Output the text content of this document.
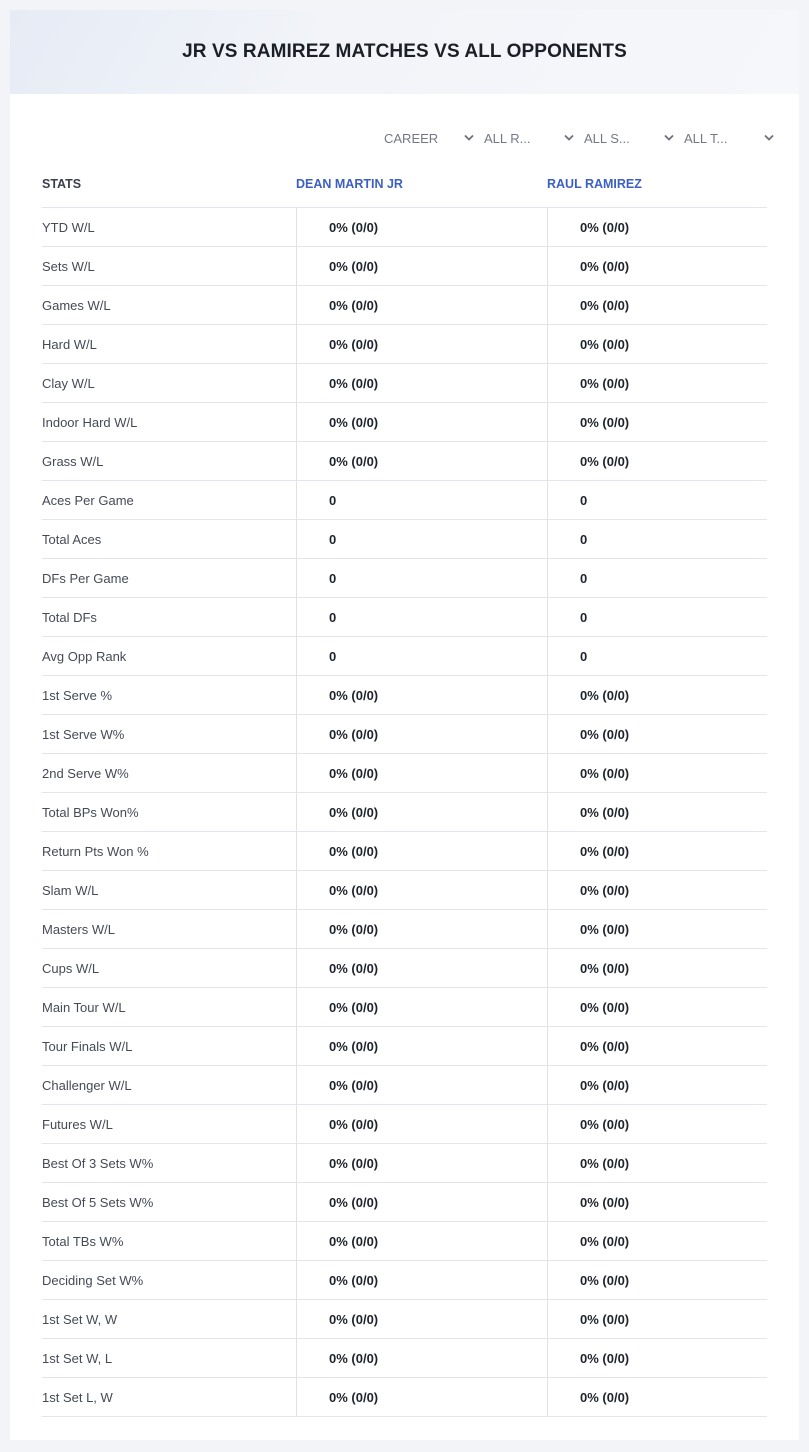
JR VS RAMIREZ MATCHES VS ALL OPPONENTS
CAREER	ALL R...	ALL S...	ALL T...
STATS	DEAN MARTIN JR	RAUL RAMIREZ
YTD W/L	0% (0/0)	0% (0/0)
Sets W/L	0% (0/0)	0% (0/0)
Games W/L	0% (0/0)	0% (0/0)
Hard W/L	0% (0/0)	0% (0/0)
Clay W/L	0% (0/0)	0% (0/0)
Indoor Hard W/L	0% (0/0)	0% (0/0)
Grass W/L	0% (0/0)	0% (0/0)
Aces Per Game	0	0
Total Aces	0	0
DFs Per Game	0	0
Total DFs	0	0
Avg Opp Rank	0	0
1st Serve %	0% (0/0)	0% (0/0)
1st Serve W%	0% (0/0)	0% (0/0)
2nd Serve W%	0% (0/0)	0% (0/0)
Total BPs Won%	0% (0/0)	0% (0/0)
Return Pts Won %	0% (0/0)	0% (0/0)
Slam W/L	0% (0/0)	0% (0/0)
Masters W/L	0% (0/0)	0% (0/0)
Cups W/L	0% (0/0)	0% (0/0)
Main Tour W/L	0% (0/0)	0% (0/0)
Tour Finals W/L	0% (0/0)	0% (0/0)
Challenger W/L	0% (0/0)	0% (0/0)
Futures W/L	0% (0/0)	0% (0/0)
Best Of 3 Sets W%	0% (0/0)	0% (0/0)
Best Of 5 Sets W%	0% (0/0)	0% (0/0)
Total TBs W%	0% (0/0)	0% (0/0)
Deciding Set W%	0% (0/0)	0% (0/0)
1st Set W, W	0% (0/0)	0% (0/0)
1st Set W, L	0% (0/0)	0% (0/0)
1st Set L, W	0% (0/0)	0% (0/0)
